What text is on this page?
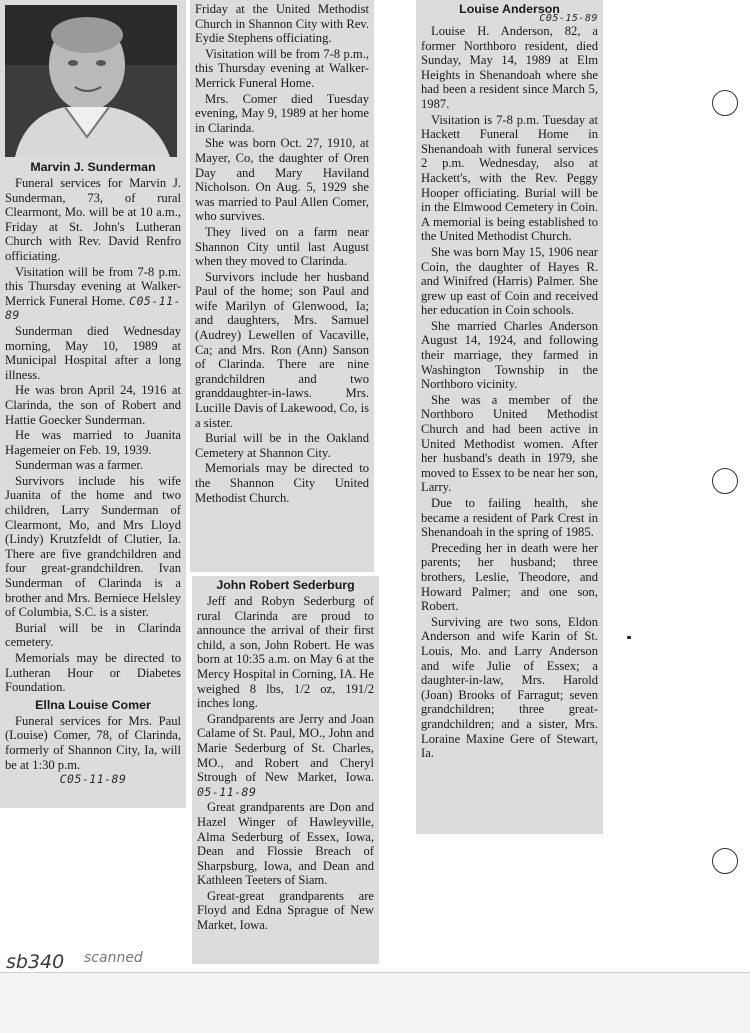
Marvin J. Sunderman

Funeral services for Marvin J. Sunderman, 73, of rural Clearmont, Mo. will be at 10 a.m., Friday at St. John's Lutheran Church with Rev. David Renfro officiating.

Visitation will be from 7-8 p.m. this Thursday evening at Walker-Merrick Funeral Home. C05-11-89

Sunderman died Wednesday morning, May 10, 1989 at Municipal Hospital after a long illness.

He was bron April 24, 1916 at Clarinda, the son of Robert and Hattie Goecker Sunderman.

He was married to Juanita Hagemeier on Feb. 19, 1939.

Sunderman was a farmer.

Survivors include his wife Juanita of the home and two children, Larry Sunderman of Clearmont, Mo, and Mrs Lloyd (Lindy) Krutzfeldt of Clutier, Ia. There are five grandchildren and four great-grandchildren. Ivan Sunderman of Clarinda is a brother and Mrs. Berniece Helsley of Columbia, S.C. is a sister.

Burial will be in Clarinda cemetery.

Memorials may be directed to Lutheran Hour or Diabetes Foundation.

Ellna Louise Comer

Funeral services for Mrs. Paul (Louise) Comer, 78, of Clarinda, formerly of Shannon City, Ia, will be at 1:30 p.m.

C05-11-89

Friday at the United Methodist Church in Shannon City with Rev. Eydie Stephens officiating.

Visitation will be from 7-8 p.m., this Thursday evening at Walker-Merrick Funeral Home.

Mrs. Comer died Tuesday evening, May 9, 1989 at her home in Clarinda.

She was born Oct. 27, 1910, at Mayer, Co, the daughter of Oren Day and Mary Haviland Nicholson. On Aug. 5, 1929 she was married to Paul Allen Comer, who survives.

They lived on a farm near Shannon City until last August when they moved to Clarinda.

Survivors include her husband Paul of the home; son Paul and wife Marilyn of Glenwood, Ia; and daughters, Mrs. Samuel (Audrey) Lewellen of Vacaville, Ca; and Mrs. Ron (Ann) Sanson of Clarinda. There are nine grandchildren and two granddaughter-in-laws. Mrs. Lucille Davis of Lakewood, Co, is a sister.

Burial will be in the Oakland Cemetery at Shannon City.

Memorials may be directed to the Shannon City United Methodist Church.

John Robert Sederburg

Jeff and Robyn Sederburg of rural Clarinda are proud to announce the arrival of their first child, a son, John Robert. He was born at 10:35 a.m. on May 6 at the Mercy Hospital in Corning, IA. He weighed 8 lbs, 1/2 oz, 191/2 inches long.

Grandparents are Jerry and Joan Calame of St. Paul, MO., John and Marie Sederburg of St. Charles, MO., and Robert and Cheryl Strough of New Market, Iowa. 05-11-89

Great grandparents are Don and Hazel Winger of Hawleyville, Alma Sederburg of Essex, Iowa, Dean and Flossie Breach of Sharpsburg, Iowa, and Dean and Kathleen Teeters of Siam.

Great-great grandparents are Floyd and Edna Sprague of New Market, Iowa.

Louise Anderson
C05-15-89

Louise H. Anderson, 82, a former Northboro resident, died Sunday, May 14, 1989 at Elm Heights in Shenandoah where she had been a resident since March 5, 1987.

Visitation is 7-8 p.m. Tuesday at Hackett Funeral Home in Shenandoah with funeral services 2 p.m. Wednesday, also at Hackett's, with the Rev. Peggy Hooper officiating. Burial will be in the Elmwood Cemetery in Coin. A memorial is being established to the United Methodist Church.

She was born May 15, 1906 near Coin, the daughter of Hayes R. and Winifred (Harris) Palmer. She grew up east of Coin and received her education in Coin schools.

She married Charles Anderson August 14, 1924, and following their marriage, they farmed in Washington Township in the Northboro vicinity.

She was a member of the Northboro United Methodist Church and had been active in United Methodist women. After her husband's death in 1979, she moved to Essex to be near her son, Larry.

Due to failing health, she became a resident of Park Crest in Shenandoah in the spring of 1985.

Preceding her in death were her parents; her husband; three brothers, Leslie, Theodore, and Howard Palmer; and one son, Robert.

Surviving are two sons, Eldon Anderson and wife Karin of St. Louis, Mo. and Larry Anderson and wife Julie of Essex; a daughter-in-law, Mrs. Harold (Joan) Brooks of Farragut; seven grandchildren; three great-grandchildren; and a sister, Mrs. Loraine Maxine Gere of Stewart, Ia.

sb340 scanned
